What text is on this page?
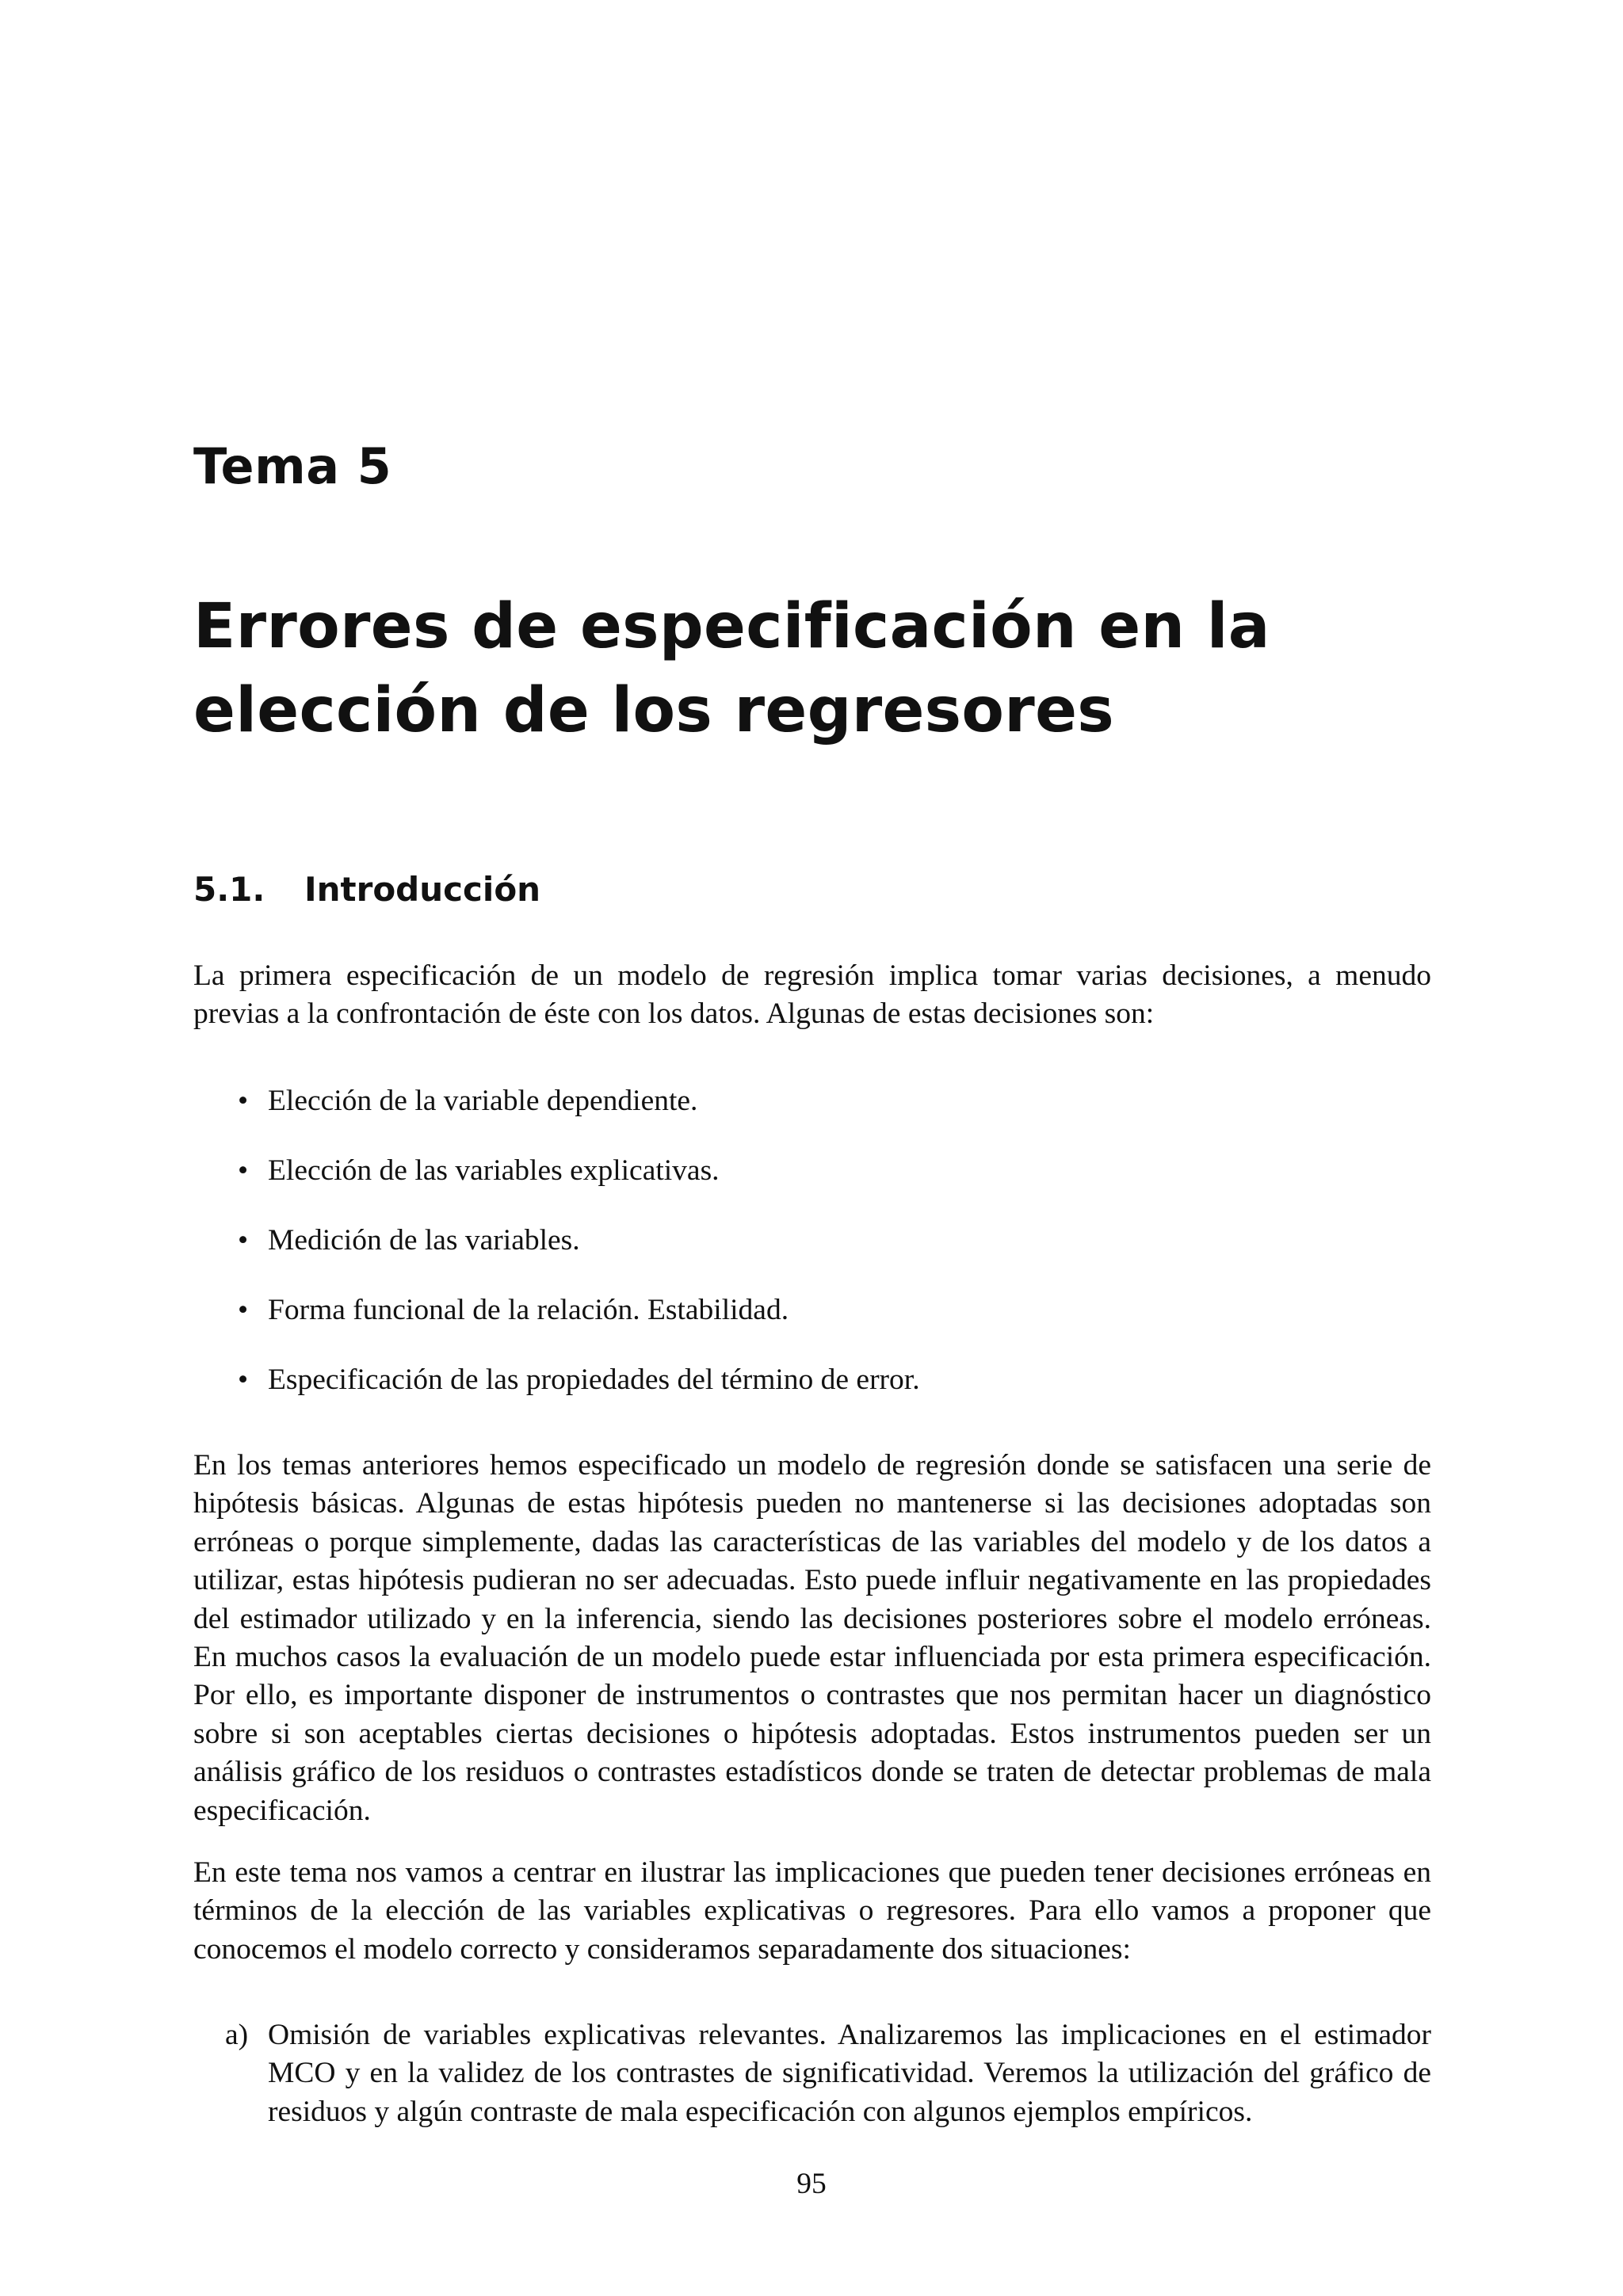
Tema 5
Errores de especificación en la elección de los regresores
5.1. Introducción

La primera especificación de un modelo de regresión implica tomar varias decisiones, a menudo previas a la confrontación de éste con los datos. Algunas de estas decisiones son:

• Elección de la variable dependiente.
• Elección de las variables explicativas.
• Medición de las variables.
• Forma funcional de la relación. Estabilidad.
• Especificación de las propiedades del término de error.

En los temas anteriores hemos especificado un modelo de regresión donde se satisfacen una serie de hipótesis básicas. Algunas de estas hipótesis pueden no mantenerse si las decisiones adoptadas son erróneas o porque simplemente, dadas las características de las variables del modelo y de los datos a utilizar, estas hipótesis pudieran no ser adecuadas. Esto puede influir negativamente en las propiedades del estimador utilizado y en la inferencia, siendo las decisiones posteriores sobre el modelo erróneas. En muchos casos la evaluación de un modelo puede estar influenciada por esta primera especificación. Por ello, es importante disponer de instrumentos o contrastes que nos permitan hacer un diagnóstico sobre si son aceptables ciertas decisiones o hipótesis adoptadas. Estos instrumentos pueden ser un análisis gráfico de los residuos o contrastes estadísticos donde se traten de detectar problemas de mala especificación.

En este tema nos vamos a centrar en ilustrar las implicaciones que pueden tener decisiones erróneas en términos de la elección de las variables explicativas o regresores. Para ello vamos a proponer que conocemos el modelo correcto y consideramos separadamente dos situaciones:

a) Omisión de variables explicativas relevantes. Analizaremos las implicaciones en el estimador MCO y en la validez de los contrastes de significatividad. Veremos la utilización del gráfico de residuos y algún contraste de mala especificación con algunos ejemplos empíricos.

95
